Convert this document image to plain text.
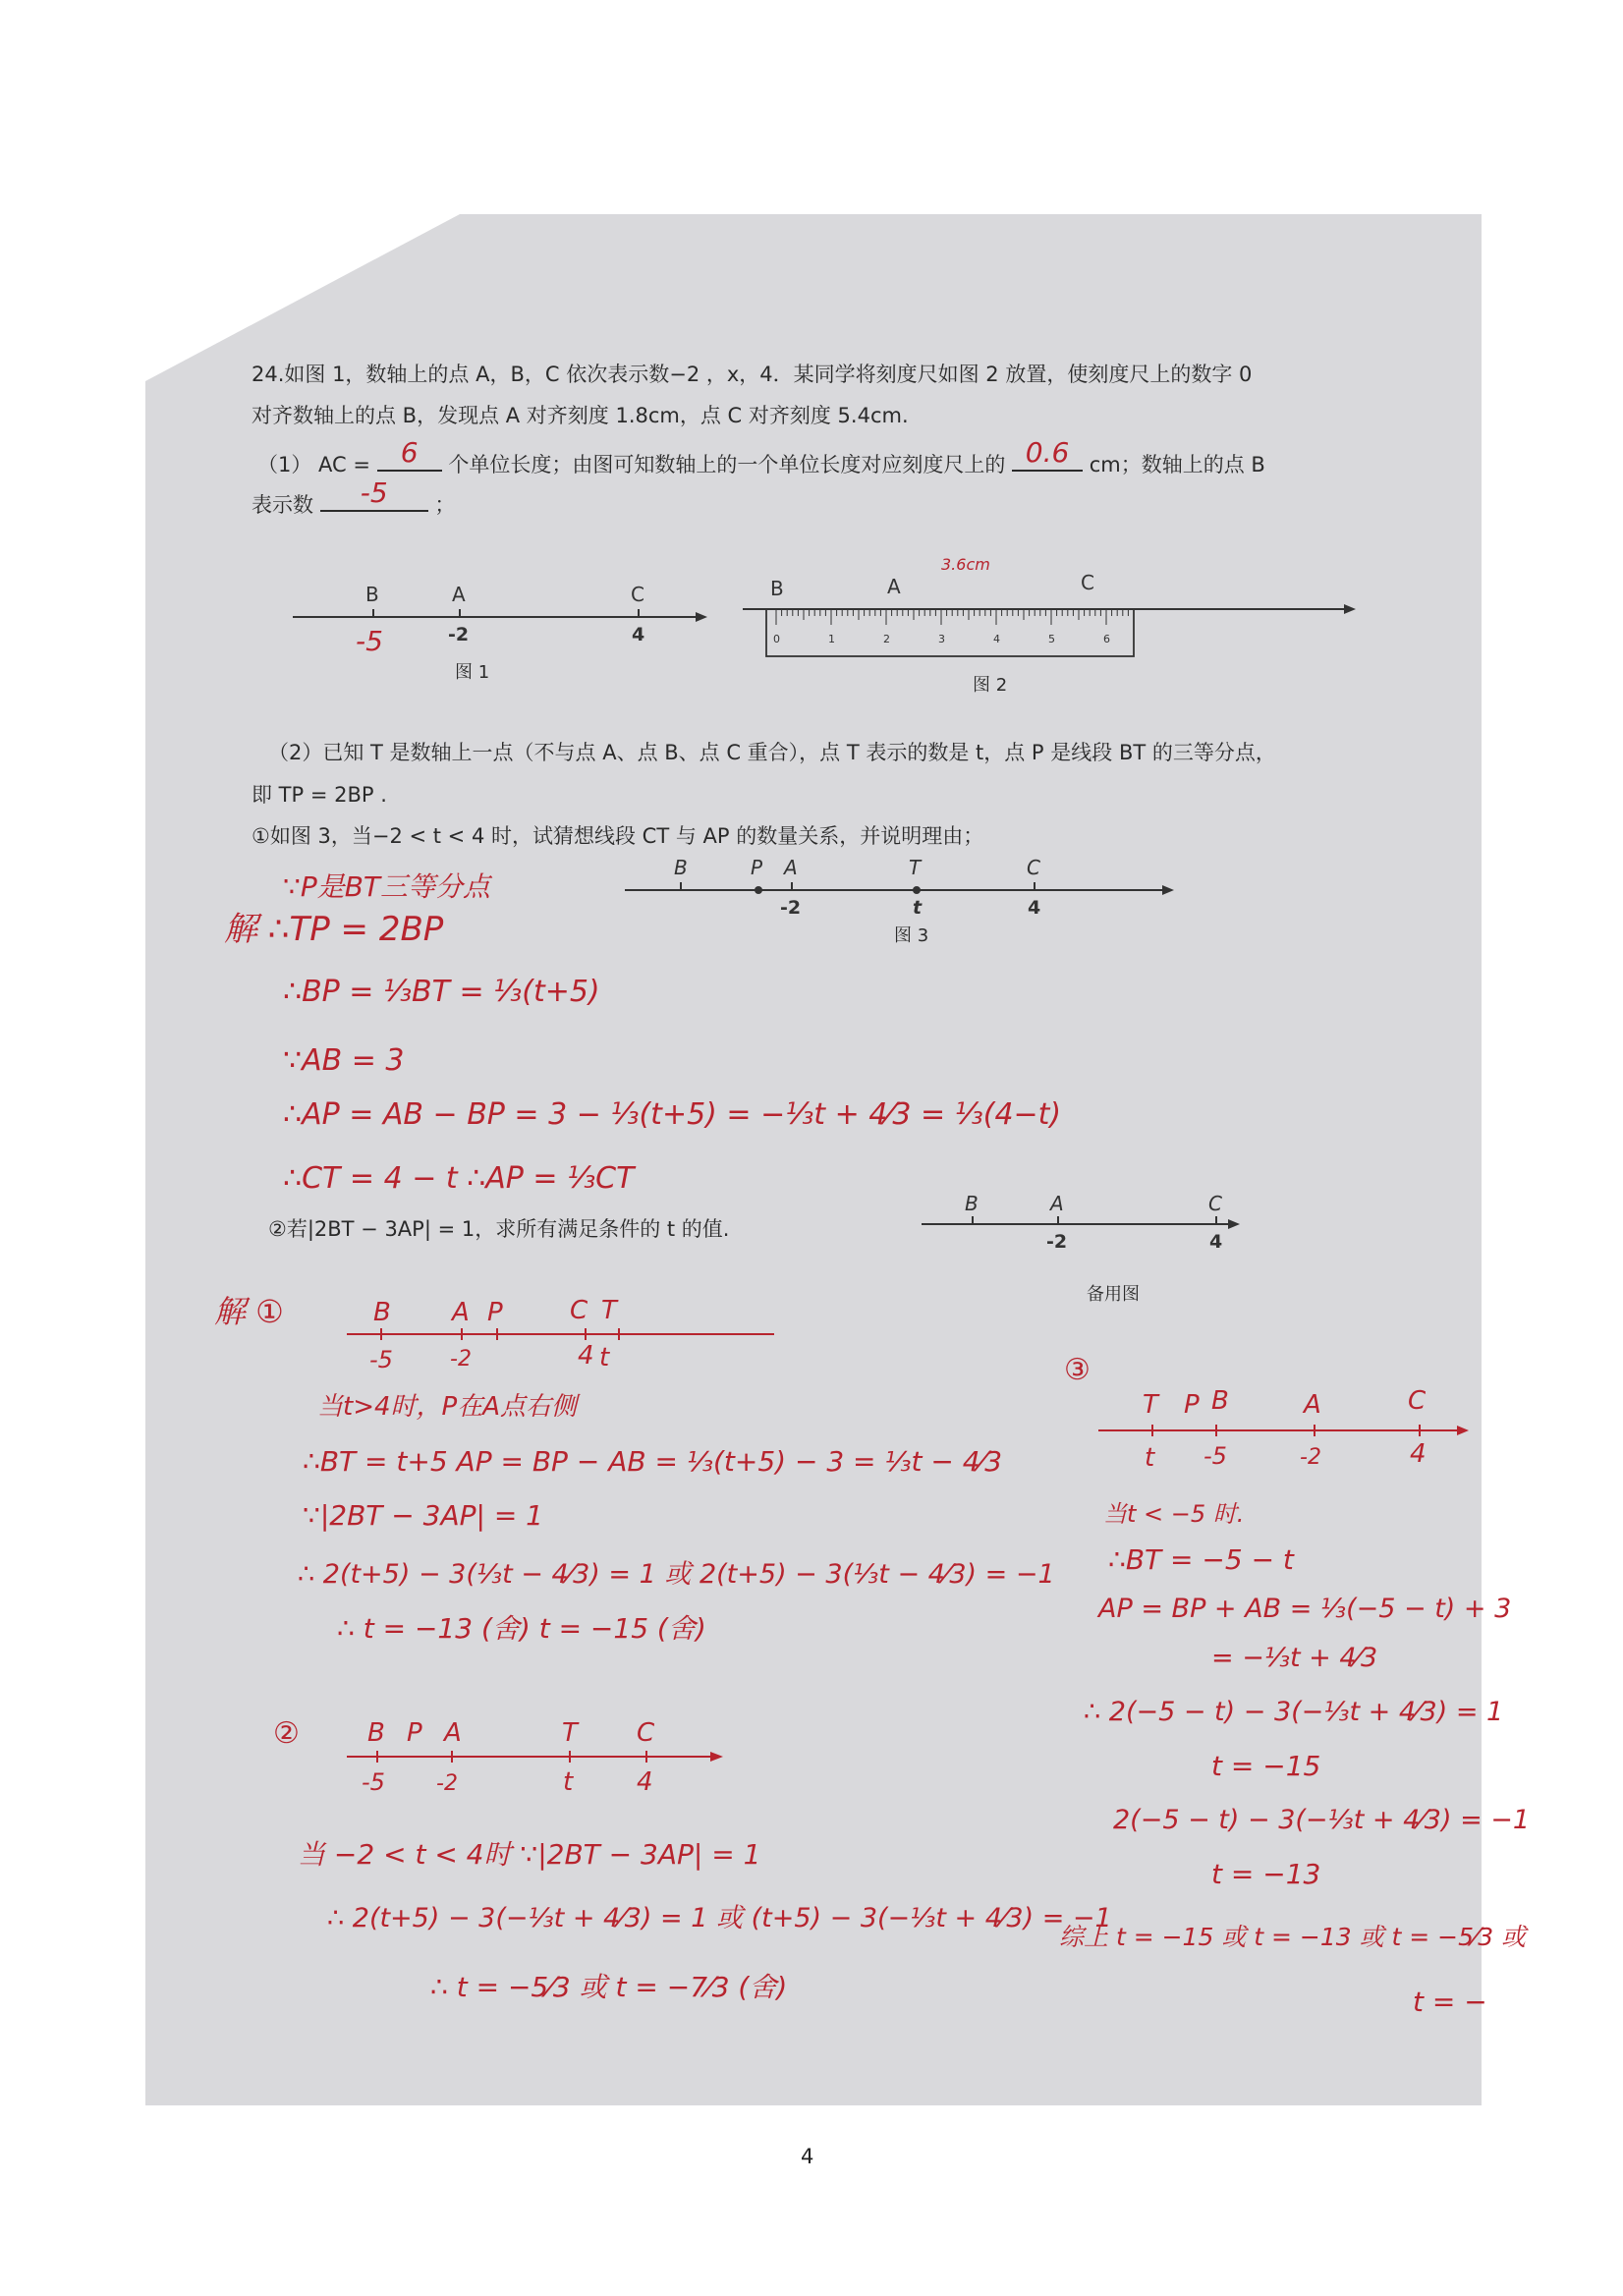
24.如图 1，数轴上的点 A，B，C 依次表示数−2 ，x，4．某同学将刻度尺如图 2 放置，使刻度尺上的数字 0
对齐数轴上的点 B，发现点 A 对齐刻度 1.8cm，点 C 对齐刻度 5.4cm.
（1） AC =	6	个单位长度；由图可知数轴上的一个单位长度对应刻度尺上的 0.6 cm；数轴上的点 B
表示数	-5	；
B	A	C
-2	4
-5
图 1
0	1	2	3	4	5	6
B	A	C
3.6cm
图 2
（2）已知 T 是数轴上一点（不与点 A、点 B、点 C 重合），点 T 表示的数是 t，点 P 是线段 BT 的三等分点，
即 TP = 2BP .
①如图 3，当−2 < t < 4 时，试猜想线段 CT 与 AP 的数量关系，并说明理由；
B	P A	T	C
-2	t	4
图 3
∵P是BT三等分点
解 ∴TP = 2BP
∴BP = ⅓BT = ⅓(t+5)
∵AB = 3
∴AP = AB − BP = 3 − ⅓(t+5) = −⅓t + 4⁄3 = ⅓(4−t)
∴CT = 4 − t ∴AP = ⅓CT
②若|2BT − 3AP| = 1，求所有满足条件的 t 的值.
B	A	C
-2	4
备用图
解 ①	B A P	C T
-5	-2	4 t
当t>4时，P在A点右侧
∴BT = t+5 AP = BP − AB = ⅓(t+5) − 3 = ⅓t − 4⁄3
∵|2BT − 3AP| = 1
∴ 2(t+5) − 3(⅓t − 4⁄3) = 1 或 2(t+5) − 3(⅓t − 4⁄3) = −1
∴ t = −13 (舍) t = −15 (舍)
②	B P A	T C
-5 -2	t 4
当 −2 < t < 4时 ∵|2BT − 3AP| = 1
∴ 2(t+5) − 3(−⅓t + 4⁄3) = 1 或 (t+5) − 3(−⅓t + 4⁄3) = −1
∴ t = −5⁄3 或 t = −7⁄3 (舍)
③
T P B	A	C
t -5	-2	4
当t < −5 时.
∴BT = −5 − t
AP = BP + AB = ⅓(−5 − t) + 3
= −⅓t + 4⁄3
∴ 2(−5 − t) − 3(−⅓t + 4⁄3) = 1
t = −15
2(−5 − t) − 3(−⅓t + 4⁄3) = −1
t = −13
综上 t = −15 或 t = −13 或 t = −5⁄3 或
t = −
4
